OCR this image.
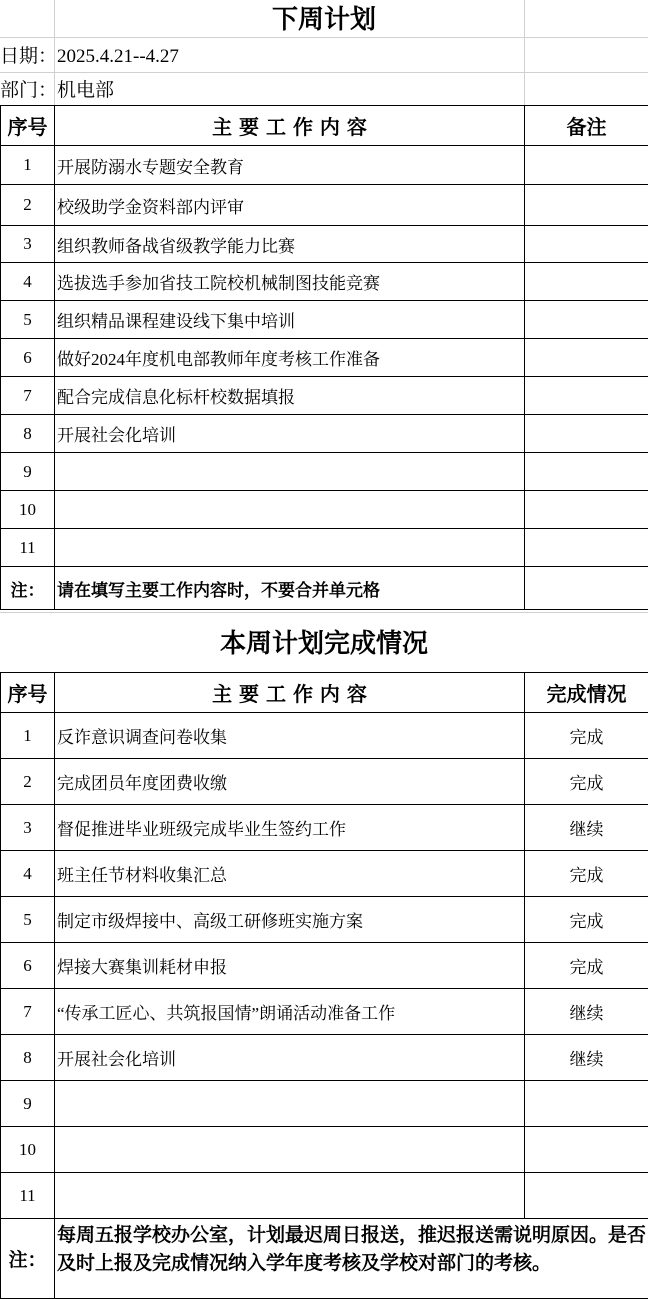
下周计划
日期：2025.4.21--4.27
部门：机电部
序号	主 要 工 作 内 容	备注
1	开展防溺水专题安全教育	
2	校级助学金资料部内评审	
3	组织教师备战省级教学能力比赛	
4	选拔选手参加省技工院校机械制图技能竞赛	
5	组织精品课程建设线下集中培训	
6	做好2024年度机电部教师年度考核工作准备	
7	配合完成信息化标杆校数据填报	
8	开展社会化培训	
9		
10		
11		
注：	请在填写主要工作内容时，不要合并单元格	
本周计划完成情况
序号	主 要 工 作 内 容	完成情况
1	反诈意识调查问卷收集	完成
2	完成团员年度团费收缴	完成
3	督促推进毕业班级完成毕业生签约工作	继续
4	班主任节材料收集汇总	完成
5	制定市级焊接中、高级工研修班实施方案	完成
6	焊接大赛集训耗材申报	完成
7	“传承工匠心、共筑报国情”朗诵活动准备工作	继续
8	开展社会化培训	继续
9		
10		
11		
注：	每周五报学校办公室，计划最迟周日报送，推迟报送需说明原因。是否及时上报及完成情况纳入学年度考核及学校对部门的考核。	
